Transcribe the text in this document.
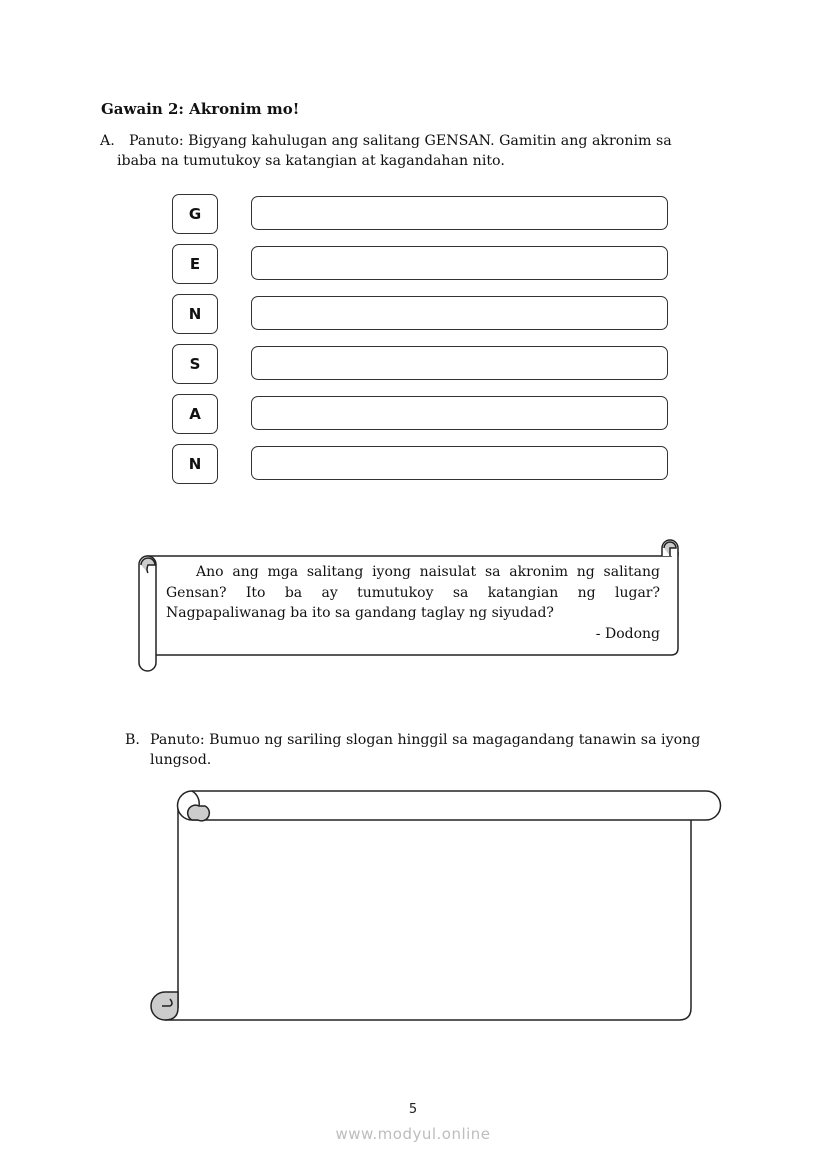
Gawain 2: Akronim mo!
A. Panuto: Bigyang kahulugan ang salitang GENSAN. Gamitin ang akronim sa
ibaba na tumutukoy sa katangian at kagandahan nito.
G
E
N
S
A
N
Ano ang mga salitang iyong naisulat sa akronim ng salitang Gensan? Ito ba ay tumutukoy sa katangian ng lugar? Nagpapaliwanag ba ito sa gandang taglay ng siyudad?
- Dodong
B. Panuto: Bumuo ng sariling slogan hinggil sa magagandang tanawin sa iyong
lungsod.
5
www.modyul.online
